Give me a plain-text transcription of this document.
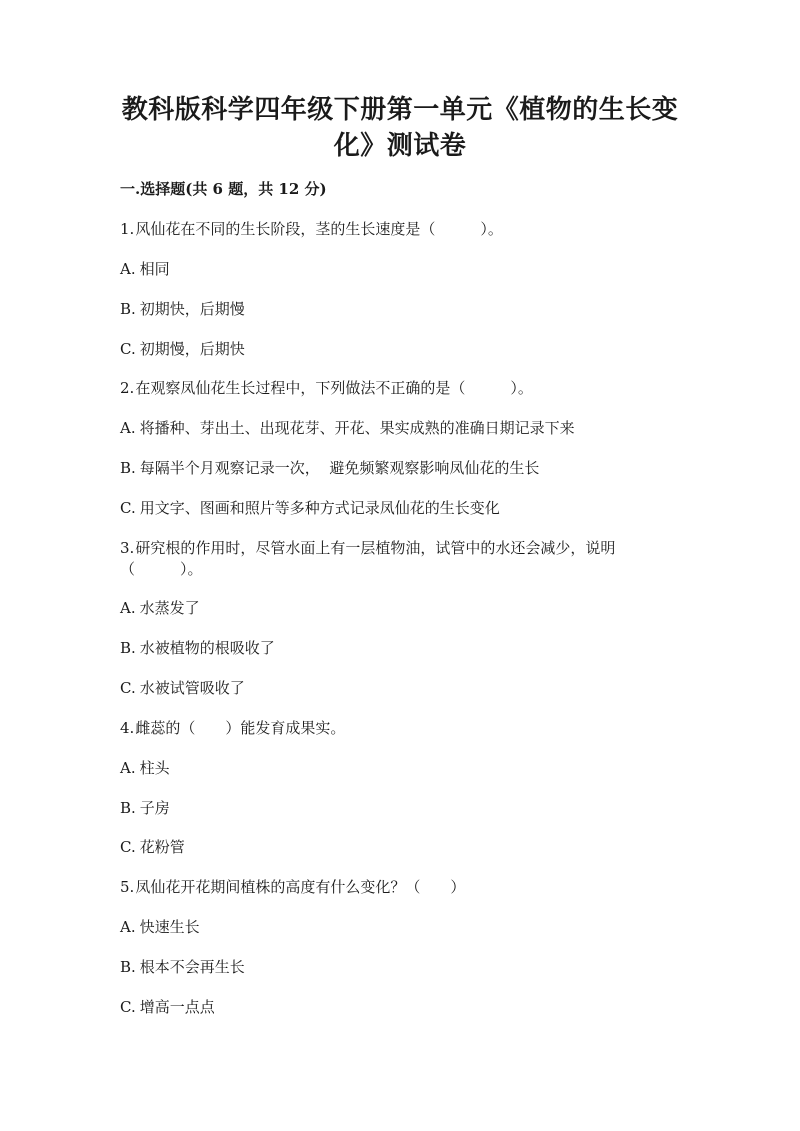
教科版科学四年级下册第一单元《植物的生长变
化》测试卷
一.选择题(共 6 题，共 12 分)
1.风仙花在不同的生长阶段，茎的生长速度是（　　　）。
A. 相同
B. 初期快，后期慢
C. 初期慢，后期快
2.在观察凤仙花生长过程中，下列做法不正确的是（　　　）。
A. 将播种、芽出土、出现花芽、开花、果实成熟的准确日期记录下来
B. 每隔半个月观察记录一次，  避免频繁观察影响凤仙花的生长
C. 用文字、图画和照片等多种方式记录凤仙花的生长变化
3.研究根的作用时，尽管水面上有一层植物油，试管中的水还会减少，说明
（　　　）。
A. 水蒸发了
B. 水被植物的根吸收了
C. 水被试管吸收了
4.雌蕊的（　　）能发育成果实。
A. 柱头
B. 子房
C. 花粉管
5.凤仙花开花期间植株的高度有什么变化？（　　）
A. 快速生长
B. 根本不会再生长
C. 增高一点点
